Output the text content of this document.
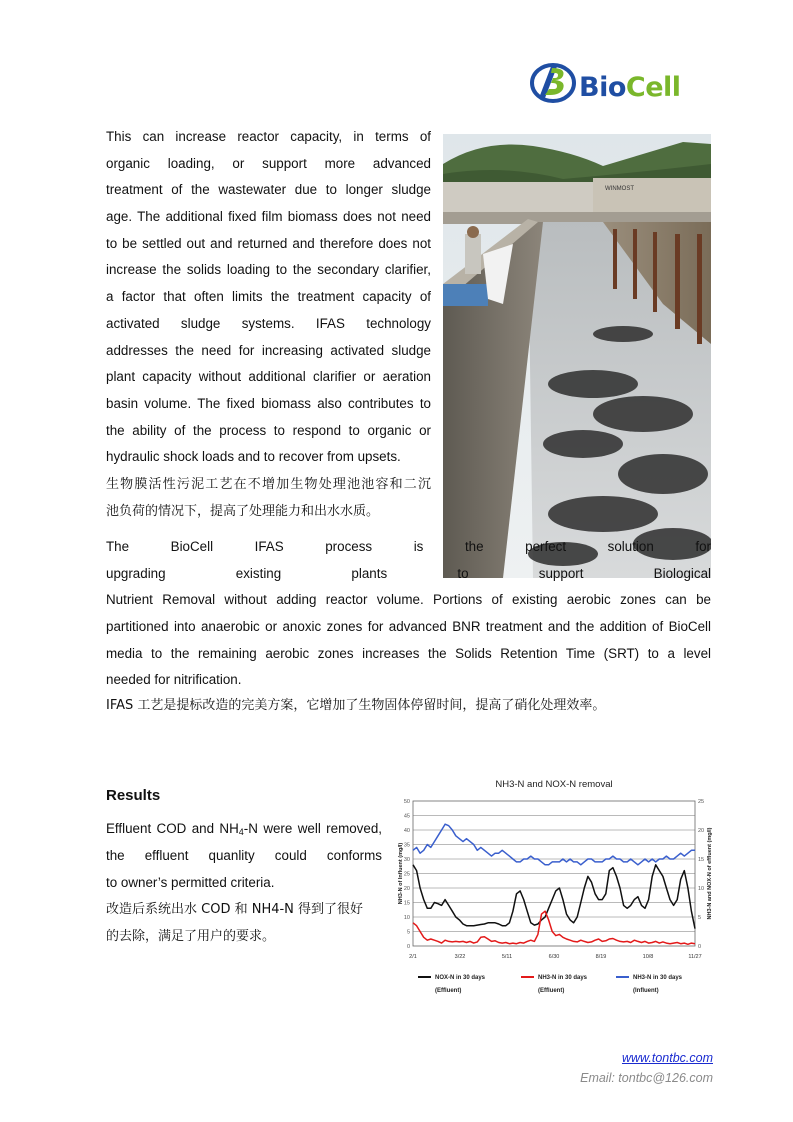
BioCell
This can increase reactor capacity, in terms of
organic loading, or support more advanced
treatment of the wastewater due to longer sludge
age. The additional fixed film biomass does not need
to be settled out and returned and therefore does not
increase the solids loading to the secondary clarifier,
a factor that often limits the treatment capacity of
activated sludge systems. IFAS technology
addresses the need for increasing activated sludge
plant capacity without additional clarifier or aeration
basin volume. The fixed biomass also contributes to
the ability of the process to respond to organic or
hydraulic shock loads and to recover from upsets.
生物膜活性污泥工艺在不增加生物处理池池容和二沉
池负荷的情况下，提高了处理能力和出水水质。
WINMOST
The BioCell IFAS process is the perfect solution for
upgrading existing plants to support Biological
Nutrient Removal without adding reactor volume. Portions of existing aerobic zones can be
partitioned into anaerobic or anoxic zones for advanced BNR treatment and the addition of BioCell
media to the remaining aerobic zones increases the Solids Retention Time (SRT) to a level
needed for nitrification.
IFAS 工艺是提标改造的完美方案，它增加了生物固体停留时间，提高了硝化处理效率。
Results
Effluent COD and $NH_4-N$ were well removed,
the effluent quanlity could conforms
to owner’s permitted criteria.
改造后系统出水 COD 和 NH4-N 得到了很好
的去除，满足了用户的要求。
NH3-N and NOX-N removal
0
5
10
15
20
25
30
35
40
45
50
0
5
10
15
20
25
NH3-N of Influent (mg/l)	NH3-N and NOX-N of effluent (mg/l)
2/1	3/22	5/11	6/30	8/19	10/8	11/27
NOX-N in 30 days
(Effluent)
NH3-N in 30 days
(Effluent)
NH3-N in 30 days
(Influent)
www.tontbc.com
Email: tontbc@126.com
